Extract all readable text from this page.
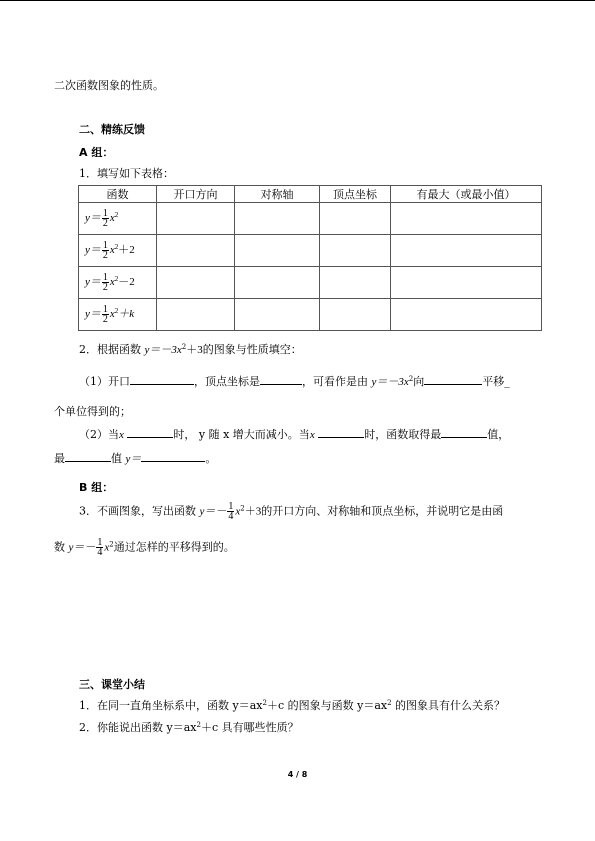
二次函数图象的性质。
二、精练反馈
A 组：
1．填写如下表格：
函数	开口方向	对称轴	顶点坐标	有最大（或最小值）
$y= \frac{1}{2} x^2$				
$y= \frac{1}{2} x^2+2$				
$y= \frac{1}{2} x^2-2$				
$y= \frac{1}{2} x^2+k$				
2．根据函数 $y=-3x^2+3$的图象与性质填空：
（1）开口	，顶点坐标是	，可看作是由 $y=-3x^2$向	平移_
个单位得到的；
（2）当x	时， y 随 x 增大而减小。当x	时，函数取得最	值，
最	值 y＝	。
B 组：
3．不画图象，写出函数 $y=- \frac{1}{4} x^2+3$的开口方向、对称轴和顶点坐标，并说明它是由函
数 $y=- \frac{1}{4} x^2$通过怎样的平移得到的。
三、课堂小结
1．在同一直角坐标系中，函数 $y=ax^2+c$ 的图象与函数 $y=ax^2$ 的图象具有什么关系？
2．你能说出函数 $y=ax^2+c$ 具有哪些性质？
4 / 8
